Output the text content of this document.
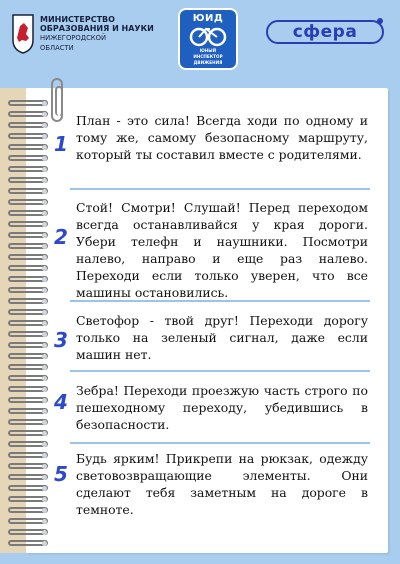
МИНИСТЕРСТВО
ОБРАЗОВАНИЯ И НАУКИ
НИЖЕГОРОДСКОЙ
ОБЛАСТИ
ЮИД
ЮНЫЙ
ИНСПЕКТОР
ДВИЖЕНИЯ
сфера
1
План - это сила! Всегда ходи по одному и тому же, самому безопасному маршруту, который ты составил вместе с родителями.
2
Стой! Смотри! Слушай! Перед переходом всегда останавливайся у края дороги. Убери телефн и наушники. Посмотри налево, направо и еще раз налево. Переходи если только уверен, что все машины остановились.
3
Светофор - твой друг! Переходи дорогу только на зеленый сигнал, даже если машин нет.
4 Зебра! Переходи проезжую часть строго по пешеходному переходу, убедившись в безопасности.
5
Будь ярким! Прикрепи на рюкзак, одежду световозвращающие элементы. Они сделают тебя заметным на дороге в темноте.
